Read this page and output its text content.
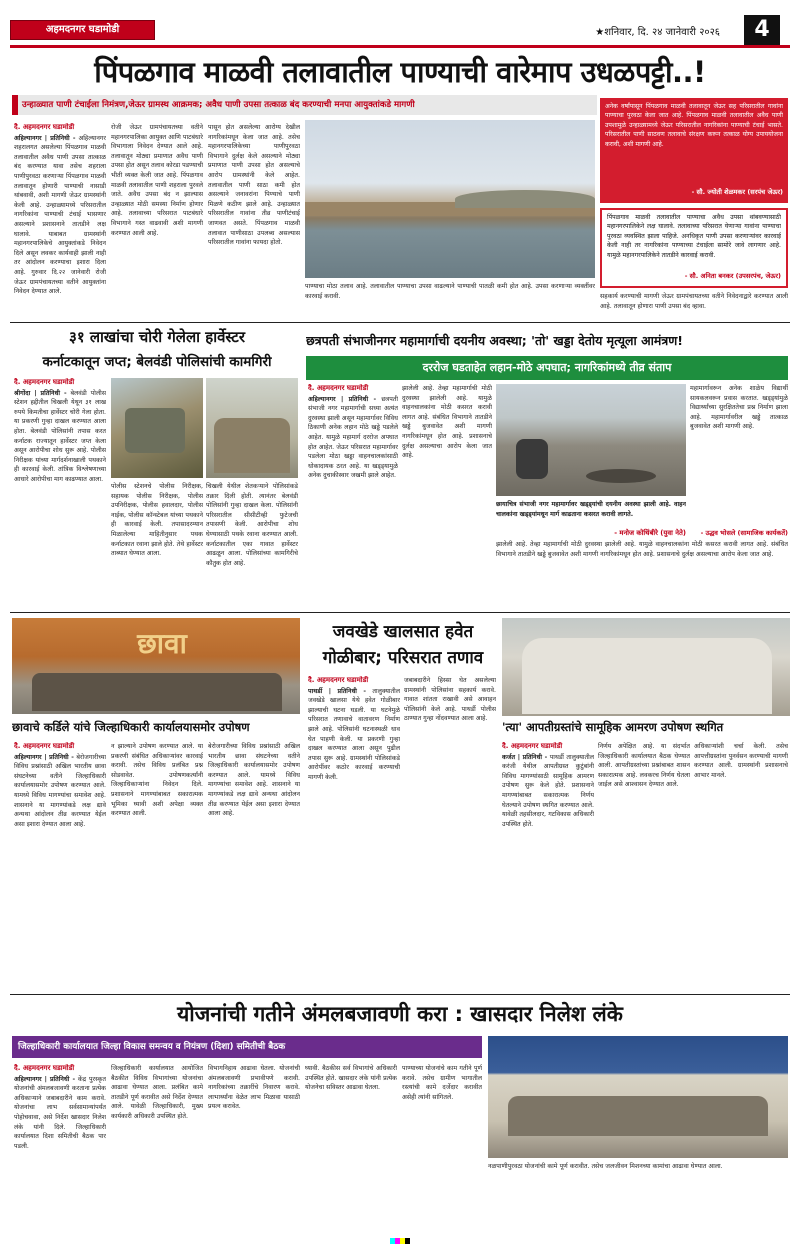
अहमदनगर घडामोडी	★शनिवार, दि. २४ जानेवारी २०२६	4
पिंपळगाव माळवी तलावातील पाण्याची वारेमाप उधळपट्टी..!
उन्हाळ्यात पाणी टंचाईला निमंत्रण,जेऊर ग्रामस्थ आक्रमक; अवैध पाणी उपसा तत्काळ बंद करण्याची मनपा आयुक्तांकडे मागणी
दै. अहमदनगर घडामोडी
अहिल्यानगर | प्रतिनिधी - अहिल्यानगर शहरालगत असलेल्या पिंपळगाव माळवी तलावातील अवैध पाणी उपसा तात्काळ बंद करण्यात यावा तसेच शहराला पाणीपुरवठा करणाऱ्या पिंपळगाव माळवी तलावातून होणारी पाण्याची नासाडी थांबवावी, अशी मागणी जेऊर ग्रामस्थांनी केली आहे. उन्हाळ्यामध्ये परिसरातील नागरिकांना पाण्याची टंचाई भासणार असल्याने प्रशासनाने तातडीने लक्ष घालावे. याबाबत ग्रामस्थांनी महानगरपालिकेचे आयुक्तांकडे निवेदन दिले असून लवकर कार्यवाही झाली नाही तर आंदोलन करण्याचा इशारा दिला आहे. गुरुवार दि.२२ जानेवारी रोजी जेऊर ग्रामपंचायतच्या वतीने आयुक्तांना निवेदन देण्यात आले.
रोजी जेऊर ग्रामपंचायतच्या वतीने महानगरपालिका आयुक्त आणि पाटबंधारे विभागाला निवेदन देण्यात आले आहे. तलावातून मोठ्या प्रमाणात अवैध पाणी उपसा होत असून तलाव कोरडा पडण्याची भीती व्यक्त केली जात आहे. पिंपळगाव माळवी तलावातील पाणी शहराला पुरवले जाते. अवैध उपसा बंद न झाल्यास उन्हाळ्यात मोठी समस्या निर्माण होणार आहे. तलावाच्या परिसरात पाटबंधारे विभागाने गस्त वाढवावी अशी मागणी करण्यात आली आहे.
पासून होत असलेल्या आरोग्य देखील नागरिकांमधून केला जात आहे. तसेच महानगरपालिकेच्या पाणीपुरवठा विभागाने दुर्लक्ष केले असल्याने मोठ्या प्रमाणात पाणी उपसा होत असल्याचे आरोप ग्रामस्थांनी केले आहेत. तलावातील पाणी साठा कमी होत असल्याने जनावरांना पिण्याचे पाणी मिळणे कठीण झाले आहे. उन्हाळ्यात परिसरातील गावांना तीव्र पाणीटंचाई जाणवत असते. पिंपळगाव माळवी तलावात पाणीसाठा उपलब्ध असल्यास परिसरातील गावांना फायदा होतो.
पाण्याचा मोठा तलाव आहे. तलावातील पाण्याचा उपसा वाढल्याने पाण्याची पातळी कमी होत आहे. उपसा करणाऱ्या व्यक्तींवर कारवाई करावी.
अनेक वर्षांपासून पिंपळगाव माळवी तलावातून जेऊर सह परिसरातील गावांना पाण्याचा पुरवठा केला जात आहे. पिंपळगाव माळवी तलावातील अवैध पाणी उपशामुळे उन्हाळ्यामध्ये जेऊर परिसरातील नागरिकांना पाण्याची टंचाई भासते. परिसरातील पाणी साठवण तलावाचे संरक्षण करून तत्काळ योग्य उपाययोजना करावी, अशी मागणी आहे.
- सौ. ज्योती शेळमकर (सरपंच जेऊर)
पिंपळगाव माळवी तलावातील पाण्याचा अवैध उपसा थांबवण्यासाठी महानगरपालिकेने लक्ष घालावे. तलावाच्या परिसरात येणाऱ्या गावांना पाण्याचा पुरवठा व्यवस्थित झाला पाहिजे. अनधिकृत पाणी उपसा करणाऱ्यांवर कारवाई केली नाही तर नागरिकांना पाण्याच्या टंचाईला सामोरे जावे लागणार आहे. यामुळे महानगरपालिकेने तातडीने कारवाई करावी.
- सौ. अनिता बनकर (उपसरपंच, जेऊर)
सहकार्य करण्याची मागणी जेऊर ग्रामपंचायतच्या वतीने निवेदनाद्वारे करण्यात आली आहे. तलावातून होणारा पाणी उपसा बंद व्हावा.
३१ लाखांचा चोरी गेलेला हार्वेस्टर
कर्नाटकातून जप्त; बेलवंडी पोलिसांची कामगिरी
दै. अहमदनगर घडामोडी
श्रीगोंदा | प्रतिनिधी - बेलवंडी पोलीस स्टेशन हद्दीतील चिखली येथून ३१ लाख रुपये किमतीचा हार्वेस्टर चोरी गेला होता. या प्रकरणी गुन्हा दाखल करण्यात आला होता. बेलवंडी पोलिसांनी तपास करत कर्नाटक राज्यातून हार्वेस्टर जप्त केला असून आरोपीचा शोध सुरू आहे. पोलीस निरीक्षक यांच्या मार्गदर्शनाखाली पथकाने ही कारवाई केली. तांत्रिक विश्लेषणाच्या आधारे आरोपीचा माग काढण्यात आला.
पोलीस स्टेशनचे पोलीस निरीक्षक, सहायक पोलीस निरीक्षक, पोलीस उपनिरीक्षक, पोलीस हवालदार, पोलीस नाईक, पोलीस कॉन्स्टेबल यांच्या पथकाने ही कारवाई केली. तपासादरम्यान मिळालेल्या माहितीनुसार पथक कर्नाटकात रवाना झाले होते. तेथे हार्वेस्टर ताब्यात घेण्यात आला.
चिखली येथील शेतकऱ्याने पोलिसांकडे तक्रार दिली होती. त्यानंतर बेलवंडी पोलिसांनी गुन्हा दाखल केला. पोलिसांनी परिसरातील सीसीटीव्ही फुटेजची तपासणी केली. आरोपीचा शोध घेण्यासाठी पथके रवाना करण्यात आली. कर्नाटकातील एका गावात हार्वेस्टर आढळून आला. पोलिसांच्या कामगिरीचे कौतुक होत आहे.
छत्रपती संभाजीनगर महामार्गाची दयनीय अवस्था; 'तो' खड्डा देतोय मृत्यूला आमंत्रण!
दररोज घडताहेत लहान-मोठे अपघात; नागरिकांमध्ये तीव्र संताप
दै. अहमदनगर घडामोडी
अहिल्यानगर | प्रतिनिधी - छत्रपती संभाजी नगर महामार्गाची सध्या अत्यंत दुरवस्था झाली असून महामार्गावर विविध ठिकाणी अनेक लहान मोठे खड्डे पडलेले आहेत. यामुळे महामार्ग दररोज अपघात होत आहेत. जेऊर परिसरात महामार्गावर पडलेला मोठा खड्डा वाहनचालकांसाठी धोकादायक ठरत आहे. या खड्ड्यामुळे अनेक दुचाकीस्वार जखमी झाले आहेत.
झालेली आहे. तेव्हा महामार्गाची मोठी दुरवस्था झालेली आहे. यामुळे वाहनचालकांना मोठी कसरत करावी लागत आहे. संबंधित विभागाने तातडीने खड्डे बुजवावेत अशी मागणी नागरिकांमधून होत आहे. प्रशासनाचे दुर्लक्ष असल्याचा आरोप केला जात आहे.
छायाचित्र संभाजी नगर महामार्गावर खड्ड्यांची दयनीय अवस्था झाली आहे. वाहन चालकांना खड्ड्यांमधून मार्ग काढताना कसरत करावी लागते.
- मनोज कोथिंबीरे (युवा नेते)
महामार्गावरून अनेक शाळेय विद्यार्थी सायकलवरून प्रवास करतात. खड्ड्यांमुळे विद्यार्थ्यांच्या सुरक्षिततेचा प्रश्न निर्माण झाला आहे. महामार्गावरील खड्डे तात्काळ बुजवावेत अशी मागणी आहे.
- उद्धव भोसले (सामाजिक कार्यकर्ते)
झालेली आहे. तेव्हा महामार्गाची मोठी दुरवस्था झालेली आहे. यामुळे वाहनचालकांना मोठी कसरत करावी लागत आहे. संबंधित विभागाने तातडीने खड्डे बुजवावेत अशी मागणी नागरिकांमधून होत आहे. प्रशासनाचे दुर्लक्ष असल्याचा आरोप केला जात आहे.
छावा
छावाचे कर्डिले यांचे जिल्हाधिकारी कार्यालयासमोर उपोषण
दै. अहमदनगर घडामोडी
अहिल्यानगर | प्रतिनिधी - बेरोजगारीच्या विविध प्रश्नांसाठी अखिल भारतीय छावा संघटनेच्या वतीने जिल्हाधिकारी कार्यालयासमोर उपोषण करण्यात आले. यामध्ये विविध मागण्यांचा समावेश आहे. शासनाने या मागण्यांकडे लक्ष द्यावे अन्यथा आंदोलन तीव्र करण्यात येईल असा इशारा देण्यात आला आहे.
न झाल्याने उपोषण करण्यात आले. या प्रकरणी संबंधित अधिकाऱ्यांवर कारवाई करावी. तसेच विविध प्रलंबित प्रश्न सोडवावेत. उपोषणकर्त्यांनी जिल्हाधिकाऱ्यांना निवेदन दिले. प्रशासनाने मागण्यांबाबत सकारात्मक भूमिका घ्यावी अशी अपेक्षा व्यक्त करण्यात आली.
बेरोजगारीच्या विविध प्रश्नांसाठी अखिल भारतीय छावा संघटनेच्या वतीने जिल्हाधिकारी कार्यालयासमोर उपोषण करण्यात आले. यामध्ये विविध मागण्यांचा समावेश आहे. शासनाने या मागण्यांकडे लक्ष द्यावे अन्यथा आंदोलन तीव्र करण्यात येईल असा इशारा देण्यात आला आहे.
जवखेडे खालसात हवेत
गोळीबार; परिसरात तणाव
दै. अहमदनगर घडामोडी
पाथर्डी | प्रतिनिधी - तालुक्यातील जवखेडे खालसा येथे हवेत गोळीबार झाल्याची घटना घडली. या घटनेमुळे परिसरात तणावाचे वातावरण निर्माण झाले आहे. पोलिसांनी घटनास्थळी धाव घेत पाहणी केली. या प्रकरणी गुन्हा दाखल करण्यात आला असून पुढील तपास सुरू आहे. ग्रामस्थांनी पोलिसांकडे आरोपींवर कठोर कारवाई करण्याची मागणी केली.
जबाबदारीने हिस्सा घेत असलेल्या ग्रामस्थांनी पोलिसांना सहकार्य करावे. गावात शांतता राखावी असे आवाहन पोलिसांनी केले आहे. पाथर्डी पोलीस ठाण्यात गुन्हा नोंदवण्यात आला आहे.
'त्या' आपतीग्रस्तांचे सामूहिक आमरण उपोषण स्थगित
दै. अहमदनगर घडामोडी
कर्जत | प्रतिनिधी - पाथर्डी तालुक्यातील करंजी येथील आपतीग्रस्त कुटुंबांनी विविध मागण्यांसाठी सामूहिक आमरण उपोषण सुरू केले होते. प्रशासनाने मागण्यांबाबत सकारात्मक निर्णय घेतल्याने उपोषण स्थगित करण्यात आले. यावेळी तहसीलदार, गटविकास अधिकारी उपस्थित होते.
निर्णय अपेक्षित आहे. या संदर्भात जिल्हाधिकारी कार्यालयात बैठक घेण्यात आली. आपतीग्रस्तांच्या प्रश्नांबाबत शासन सकारात्मक आहे. लवकरच निर्णय घेतला जाईल असे आश्वासन देण्यात आले.
अधिकाऱ्यांशी चर्चा केली. तसेच आपत्तीग्रस्तांना पुनर्वसन करण्याची मागणी करण्यात आली. ग्रामस्थांनी प्रशासनाचे आभार मानले.
योजनांची गतीने अंमलबजावणी करा : खासदार निलेश लंके
जिल्हाधिकारी कार्यालयात जिल्हा विकास समन्वय व नियंत्रण (दिशा) समितीची बैठक
दै. अहमदनगर घडामोडी
अहिल्यानगर | प्रतिनिधी - केंद्र पुरस्कृत योजनांची अंमलबजावणी करताना प्रत्येक अधिकाऱ्याने जबाबदारीने काम करावे. योजनांचा लाभ सर्वसामान्यांपर्यंत पोहोचवावा, असे निर्देश खासदार निलेश लंके यांनी दिले. जिल्हाधिकारी कार्यालयात दिशा समितीची बैठक पार पडली.
जिल्हाधिकारी कार्यालयात आयोजित बैठकीत विविध विभागांच्या योजनांचा आढावा घेण्यात आला. प्रलंबित कामे तातडीने पूर्ण करावीत असे निर्देश देण्यात आले. यावेळी जिल्हाधिकारी, मुख्य कार्यकारी अधिकारी उपस्थित होते.
विभागनिहाय आढावा घेतला. योजनांची अंमलबजावणी प्रभावीपणे करावी. नागरिकांच्या तक्रारींचे निवारण करावे. लाभार्थ्यांना वेळेत लाभ मिळावा यासाठी प्रयत्न करावेत.
घ्यावी. बैठकीस सर्व विभागांचे अधिकारी उपस्थित होते. खासदार लंके यांनी प्रत्येक योजनेचा सविस्तर आढावा घेतला.
पाण्याच्या योजनांचे काम गतीने पूर्ण करावे. तसेच ग्रामीण भागातील रस्त्यांची कामे दर्जेदार करावीत असेही त्यांनी सांगितले.
नळपाणीपुरवठा योजनांची कामे पूर्ण करावीत. तसेच जलजीवन मिशनच्या कामांचा आढावा घेण्यात आला.
